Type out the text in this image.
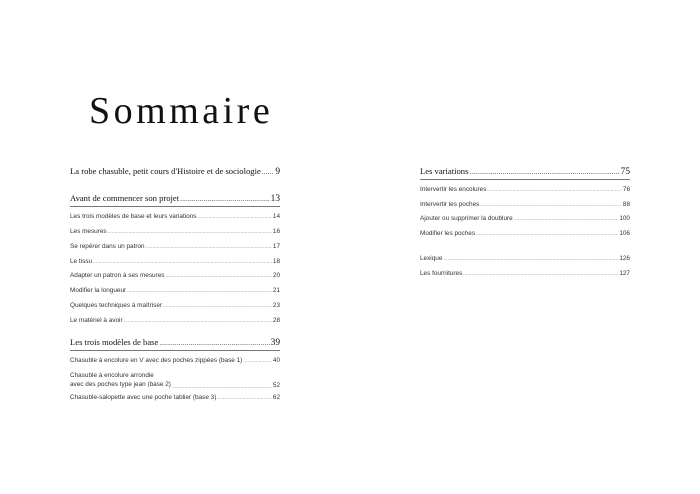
Sommaire
La robe chasuble, petit cours d'Histoire et de sociologie ..... 9
Avant de commencer son projet .....	13
Les trois modèles de base et leurs variations .....	14
Les mesures .....	16
Se repérer dans un patron .....	17
Le tissu .....	18
Adapter un patron à ses mesures .....	20
Modifier la longueur .....	21
Quelques techniques à maîtriser .....	23
Le matériel à avoir .....	28
Les trois modèles de base .....	39
Chasuble à encolure en V avec des poches zippées (base 1) .....	40
Chasuble à encolure arrondie
avec des poches type jean (base 2) .....	52
Chasuble-salopette avec une poche tablier (base 3) .....	62
Les variations .....	75
Intervertir les encolures .....	76
Intervertir les poches .....	88
Ajouter ou supprimer la doublure .....	100
Modifier les poches .....	106
Lexique .....	126
Les fournitures .....	127
